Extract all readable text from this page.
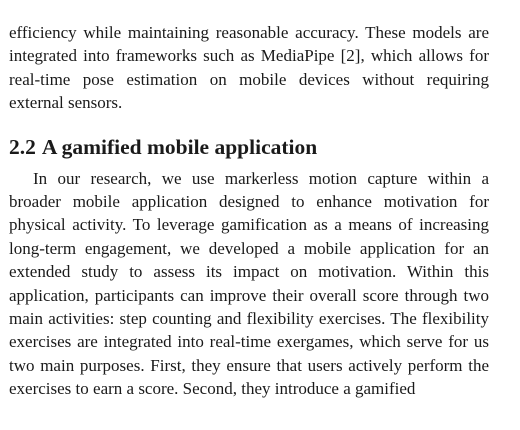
efficiency while maintaining reasonable accuracy. These models are integrated into frameworks such as MediaPipe [2], which allows for real-time pose estimation on mobile devices without requiring external sensors.

2.2 A gamified mobile application

In our research, we use markerless motion capture within a broader mobile application designed to enhance motivation for physical activity. To leverage gamification as a means of increasing long-term engagement, we developed a mobile application for an extended study to assess its impact on motivation. Within this application, participants can improve their overall score through two main activities: step counting and flexibility exercises. The flexibility exercises are integrated into real-time exergames, which serve for us two main purposes. First, they ensure that users actively perform the exercises to earn a score. Second, they introduce a gamified
